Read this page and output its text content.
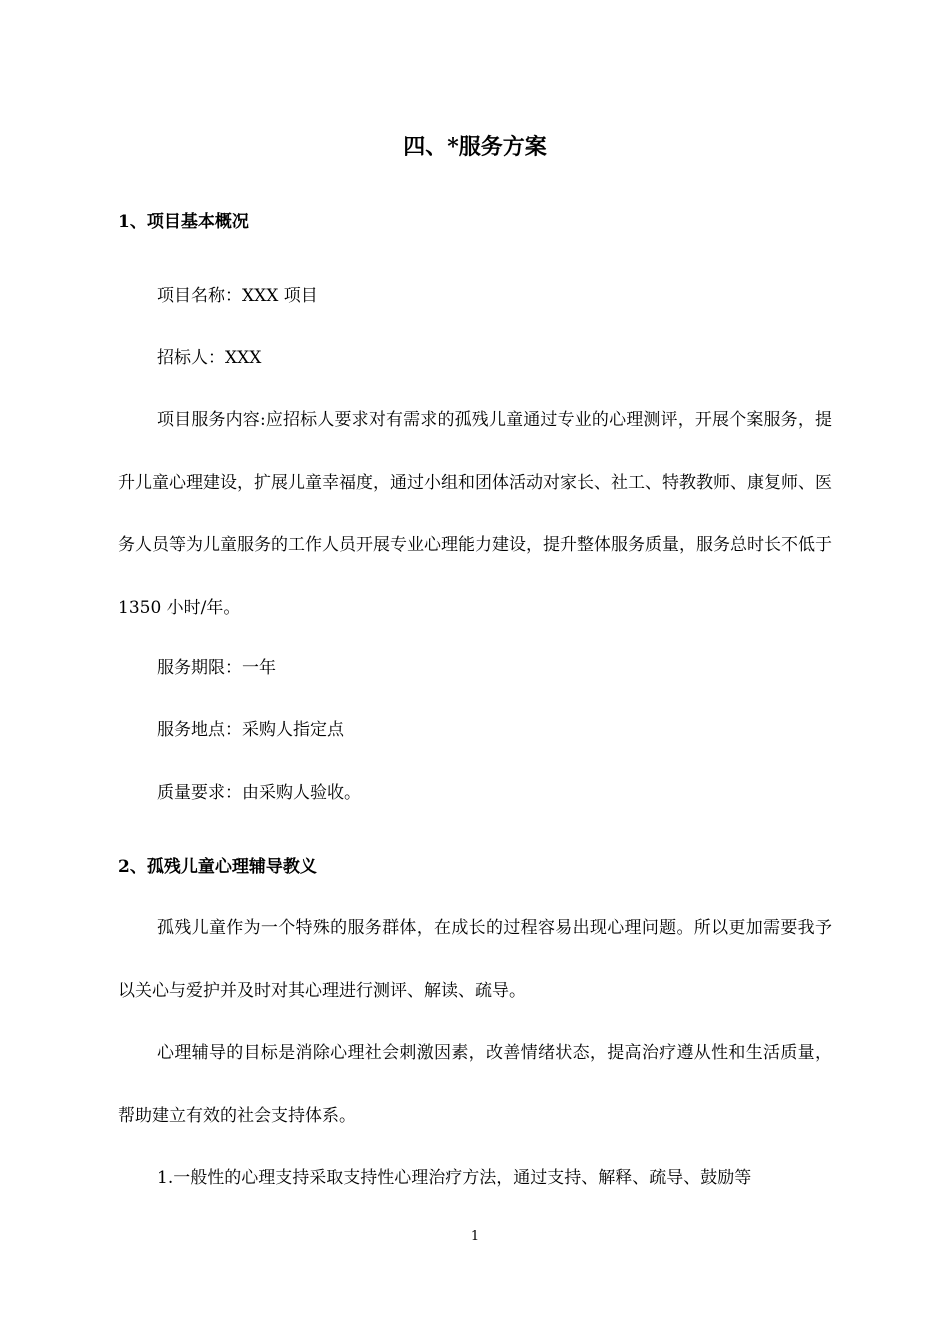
四、*服务方案
1、项目基本概况
项目名称：XXX 项目
招标人：XXX

项目服务内容:应招标人要求对有需求的孤残儿童通过专业的心理测评，开展个案服务，提升儿童心理建设，扩展儿童幸福度，通过小组和团体活动对家长、社工、特教教师、康复师、医务人员等为儿童服务的工作人员开展专业心理能力建设，提升整体服务质量，服务总时长不低于 1350 小时/年。

服务期限：一年
服务地点：采购人指定点
质量要求：由采购人验收。
2、孤残儿童心理辅导教义

孤残儿童作为一个特殊的服务群体，在成长的过程容易出现心理问题。所以更加需要我予以关心与爱护并及时对其心理进行测评、解读、疏导。

心理辅导的目标是消除心理社会刺激因素，改善情绪状态，提高治疗遵从性和生活质量，帮助建立有效的社会支持体系。

1.一般性的心理支持采取支持性心理治疗方法，通过支持、解释、疏导、鼓励等

1
